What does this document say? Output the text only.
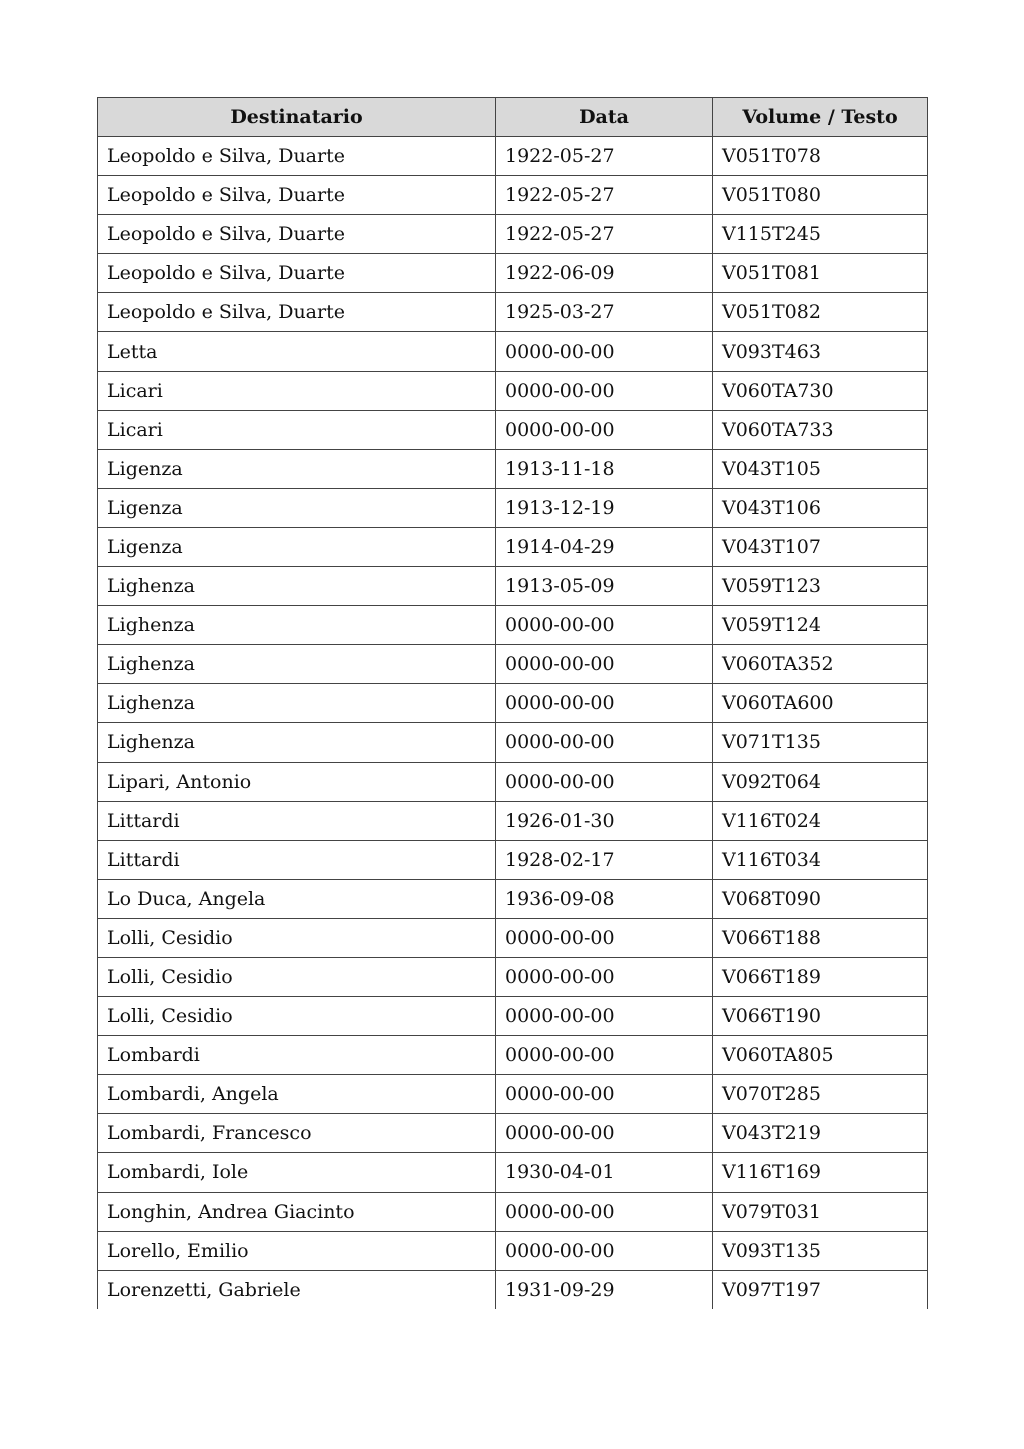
Destinatario	Data	Volume / Testo
Leopoldo e Silva, Duarte	1922-05-27	V051T078
Leopoldo e Silva, Duarte	1922-05-27	V051T080
Leopoldo e Silva, Duarte	1922-05-27	V115T245
Leopoldo e Silva, Duarte	1922-06-09	V051T081
Leopoldo e Silva, Duarte	1925-03-27	V051T082
Letta	0000-00-00	V093T463
Licari	0000-00-00	V060TA730
Licari	0000-00-00	V060TA733
Ligenza	1913-11-18	V043T105
Ligenza	1913-12-19	V043T106
Ligenza	1914-04-29	V043T107
Lighenza	1913-05-09	V059T123
Lighenza	0000-00-00	V059T124
Lighenza	0000-00-00	V060TA352
Lighenza	0000-00-00	V060TA600
Lighenza	0000-00-00	V071T135
Lipari, Antonio	0000-00-00	V092T064
Littardi	1926-01-30	V116T024
Littardi	1928-02-17	V116T034
Lo Duca, Angela	1936-09-08	V068T090
Lolli, Cesidio	0000-00-00	V066T188
Lolli, Cesidio	0000-00-00	V066T189
Lolli, Cesidio	0000-00-00	V066T190
Lombardi	0000-00-00	V060TA805
Lombardi, Angela	0000-00-00	V070T285
Lombardi, Francesco	0000-00-00	V043T219
Lombardi, Iole	1930-04-01	V116T169
Longhin, Andrea Giacinto	0000-00-00	V079T031
Lorello, Emilio	0000-00-00	V093T135
Lorenzetti, Gabriele	1931-09-29	V097T197
